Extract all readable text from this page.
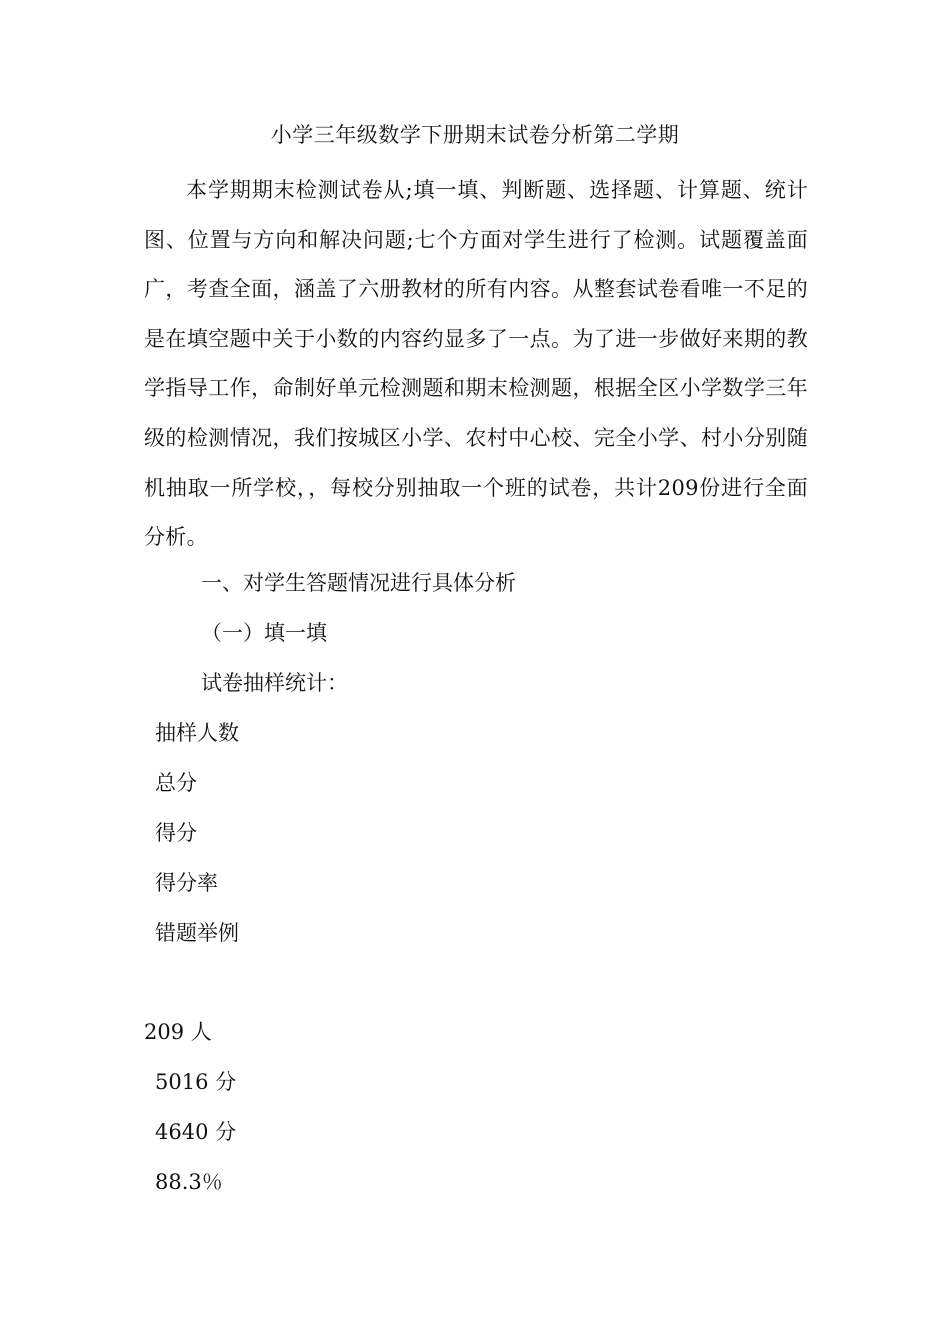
小学三年级数学下册期末试卷分析第二学期
本学期期末检测试卷从;填一填、判断题、选择题、计算题、统计图、位置与方向和解决问题;七个方面对学生进行了检测。试题覆盖面广，考查全面，涵盖了六册教材的所有内容。从整套试卷看唯一不足的是在填空题中关于小数的内容约显多了一点。为了进一步做好来期的教学指导工作，命制好单元检测题和期末检测题，根据全区小学数学三年级的检测情况，我们按城区小学、农村中心校、完全小学、村小分别随机抽取一所学校，，每校分别抽取一个班的试卷，共计209份进行全面分析。
一、对学生答题情况进行具体分析
（一）填一填
试卷抽样统计：
抽样人数
总分
得分
得分率
错题举例
209 人
5016 分
4640 分
88.3％
